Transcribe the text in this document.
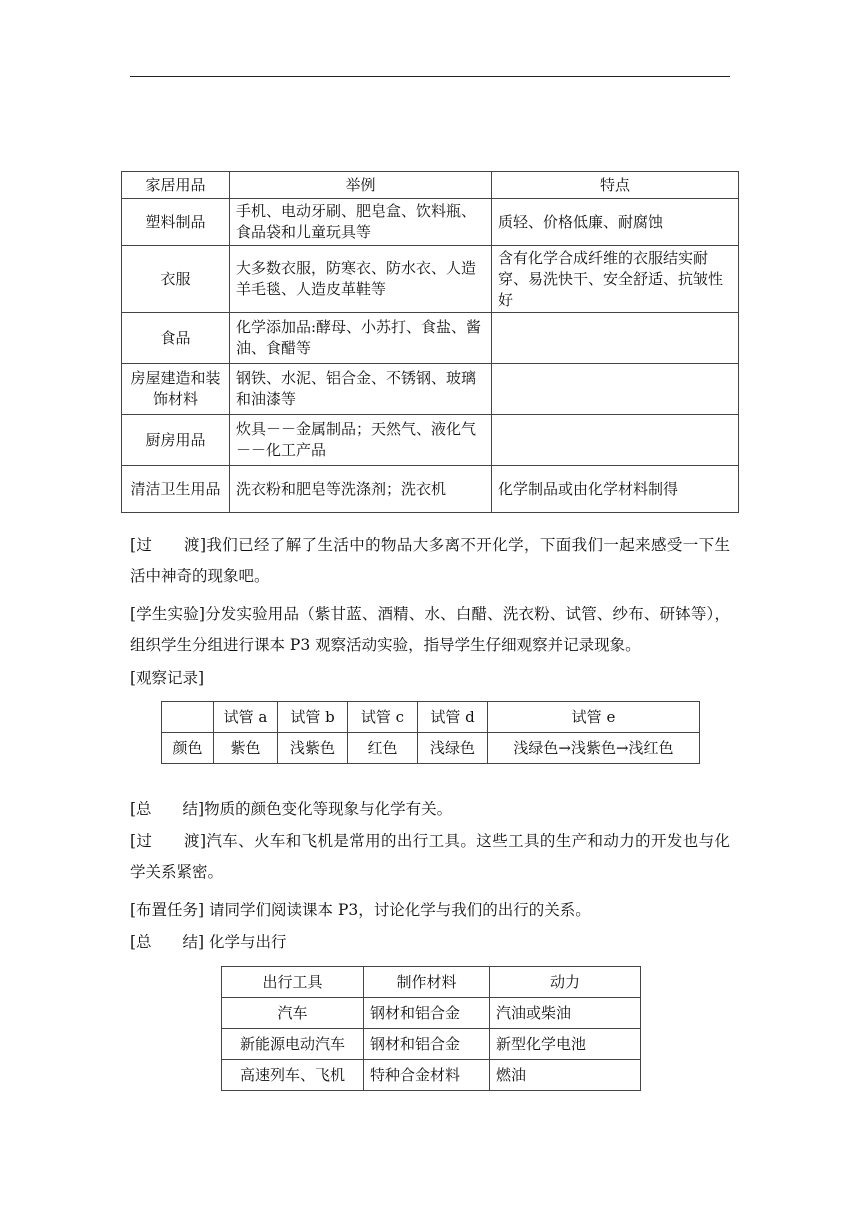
家居用品	举例	特点
塑料制品	手机、电动牙刷、肥皂盒、饮料瓶、食品袋和儿童玩具等	质轻、价格低廉、耐腐蚀
衣服	大多数衣服，防寒衣、防水衣、人造羊毛毯、人造皮革鞋等	含有化学合成纤维的衣服结实耐穿、易洗快干、安全舒适、抗皱性好
食品	化学添加品:酵母、小苏打、食盐、酱油、食醋等	
房屋建造和装饰材料	钢铁、水泥、铝合金、不锈钢、玻璃和油漆等	
厨房用品	炊具－－金属制品；天然气、液化气－－化工产品	
清洁卫生用品	洗衣粉和肥皂等洗涤剂；洗衣机	化学制品或由化学材料制得

[过　　渡]我们已经了解了生活中的物品大多离不开化学，下面我们一起来感受一下生活中神奇的现象吧。

[学生实验]分发实验用品（紫甘蓝、酒精、水、白醋、洗衣粉、试管、纱布、研钵等），组织学生分组进行课本 P3 观察活动实验，指导学生仔细观察并记录现象。

[观察记录]

	试管 a	试管 b	试管 c	试管 d	试管 e
颜色	紫色	浅紫色	红色	浅绿色	浅绿色→浅紫色→浅红色

[总　　结]物质的颜色变化等现象与化学有关。

[过　　渡]汽车、火车和飞机是常用的出行工具。这些工具的生产和动力的开发也与化学关系紧密。

[布置任务] 请同学们阅读课本 P3，讨论化学与我们的出行的关系。

[总　　结] 化学与出行

出行工具	制作材料	动力
汽车	钢材和铝合金	汽油或柴油
新能源电动汽车	钢材和铝合金	新型化学电池
高速列车、飞机	特种合金材料	燃油
